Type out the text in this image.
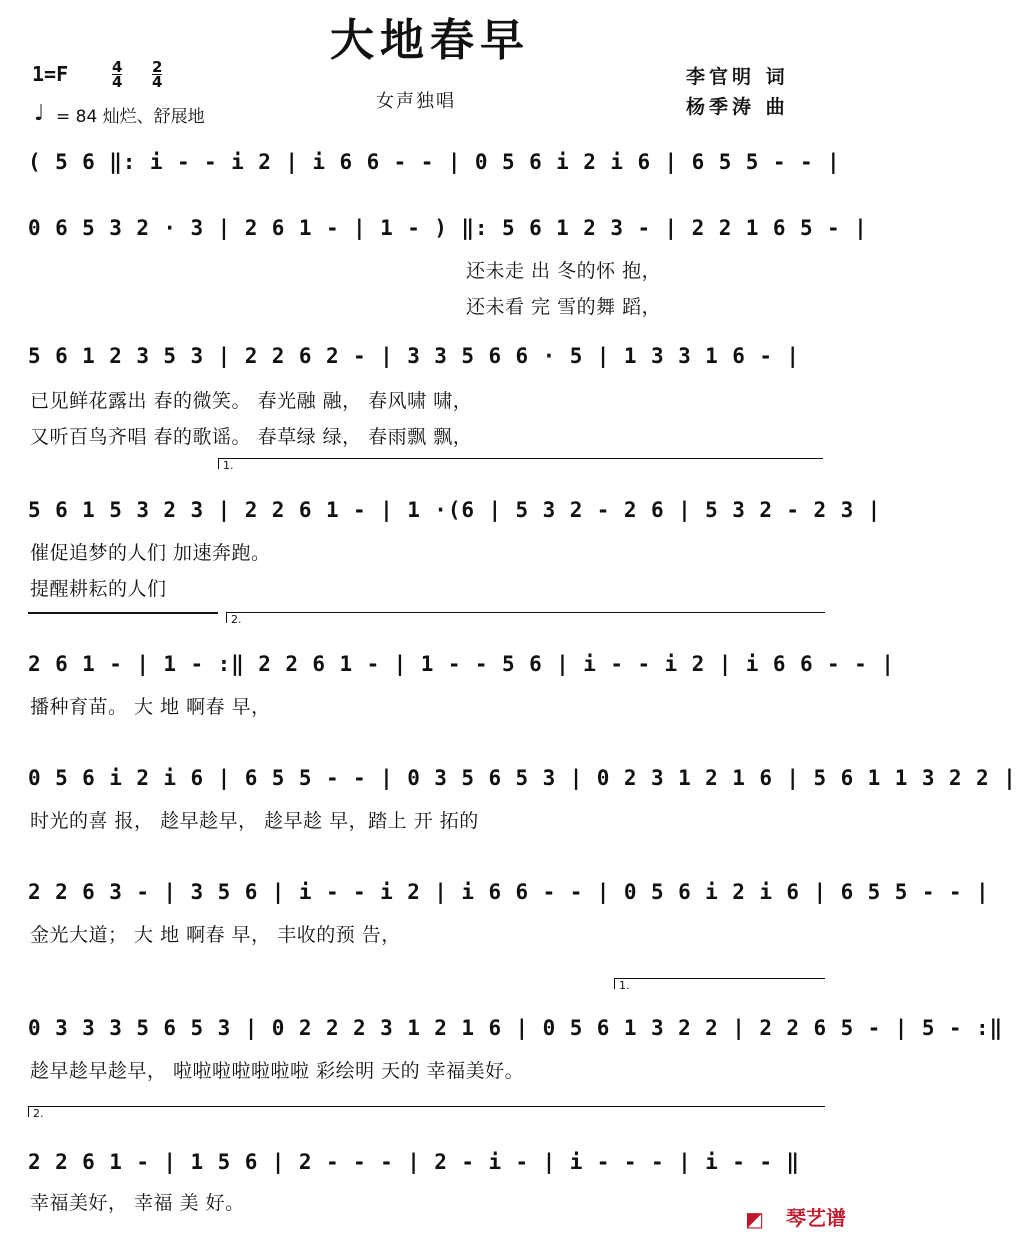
大地春早
1=F	$\frac{4}{4} \frac{2}{4}$
♩ = 84 灿烂、舒展地
女声独唱
李官明 词
杨季涛 曲
( 5 6 ‖: i - - i 2 | i 6 6 - - | 0 5 6 i 2 i 6 | 6 5 5 - - |
0 6 5 3 2 · 3 | 2 6 1 - | 1 - ) ‖: 5 6 1 2 3 - | 2 2 1 6 5 - |
还未走 出 冬的怀 抱，
还未看 完 雪的舞 蹈，
5 6 1 2 3 5 3 | 2 2 6 2 - | 3 3 5 6 6 · 5 | 1 3 3 1 6 - |
已见鲜花露出 春的微笑。 春光融 融， 春风啸 啸，
又听百鸟齐唱 春的歌谣。 春草绿 绿， 春雨飘 飘，
1.
5 6 1 5 3 2 3 | 2 2 6 1 - | 1 ·(6 | 5 3 2 - 2 6 | 5 3 2 - 2 3 |
催促追梦的人们 加速奔跑。
提醒耕耘的人们
2.
2 6 1 - | 1 - :‖ 2 2 6 1 - | 1 - - 5 6 | i - - i 2 | i 6 6 - - |
播种育苗。 大 地 啊春 早，
0 5 6 i 2 i 6 | 6 5 5 - - | 0 3 5 6 5 3 | 0 2 3 1 2 1 6 | 5 6 1 1 3 2 2 |
时光的喜 报， 趁早趁早， 趁早趁 早，踏上 开 拓的
2 2 6 3 - | 3 5 6 | i - - i 2 | i 6 6 - - | 0 5 6 i 2 i 6 | 6 5 5 - - |
金光大道； 大 地 啊春 早， 丰收的预 告，
1.
0 3 3 3 5 6 5 3 | 0 2 2 2 3 1 2 1 6 | 0 5 6 1 3 2 2 | 2 2 6 5 - | 5 - :‖
趁早趁早趁早， 啦啦啦啦啦啦啦 彩绘明 天的 幸福美好。
2.
2 2 6 1 - | 1 5 6 | 2 - - - | 2 - i - | i - - - | i - - ‖
幸福美好， 幸福 美 好。
◩ 琴艺谱
